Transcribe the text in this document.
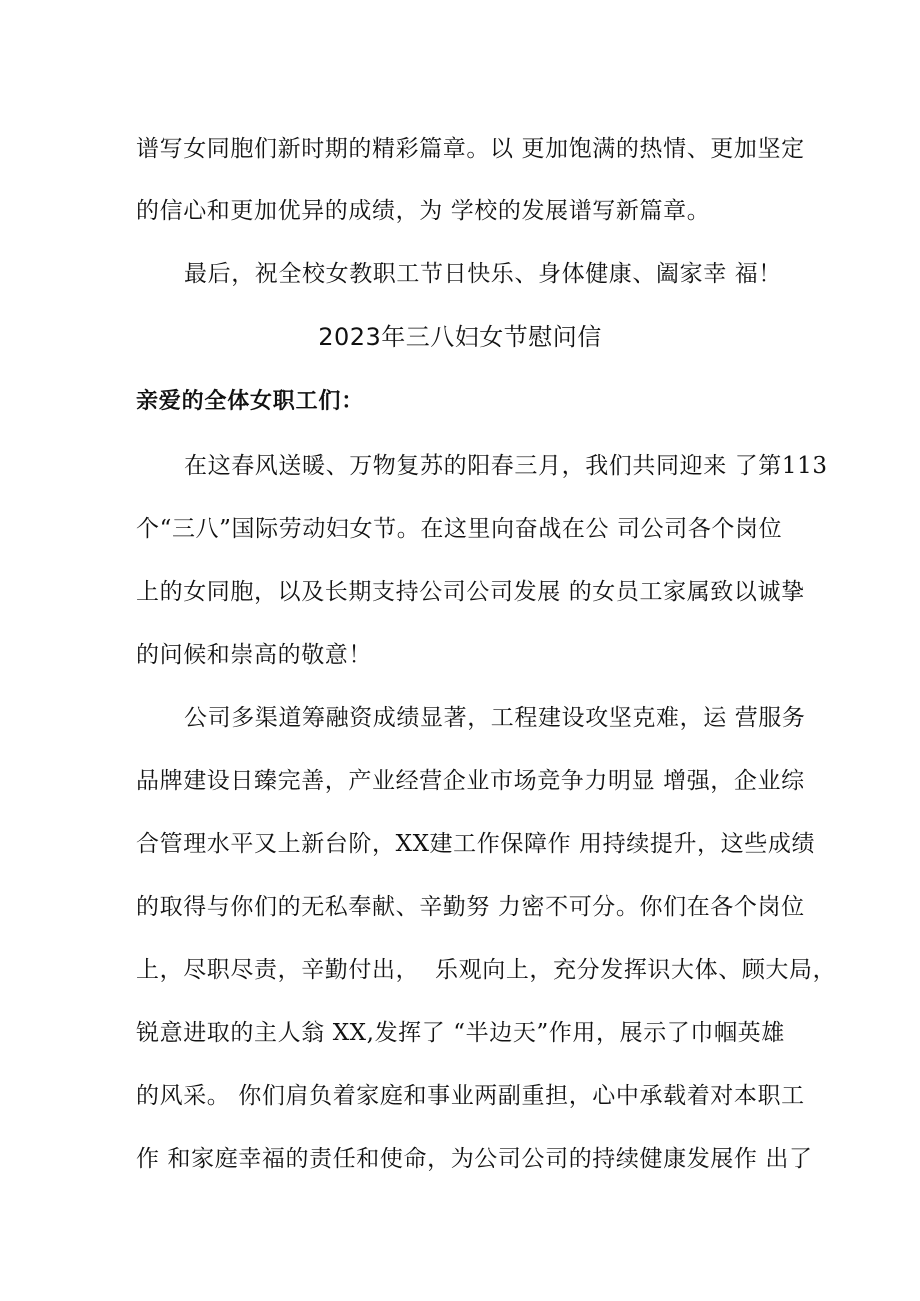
谱写女同胞们新时期的精彩篇章。以 更加饱满的热情、更加坚定
的信心和更加优异的成绩，为 学校的发展谱写新篇章。
最后，祝全校女教职工节日快乐、身体健康、阖家幸 福！
2023年三八妇女节慰问信
亲爱的全体女职工们：
在这春风送暖、万物复苏的阳春三月，我们共同迎来 了第113
个“三八”国际劳动妇女节。在这里向奋战在公 司公司各个岗位
上的女同胞，以及长期支持公司公司发展 的女员工家属致以诚挚
的问候和崇高的敬意！
公司多渠道筹融资成绩显著，工程建设攻坚克难，运 营服务
品牌建设日臻完善，产业经营企业市场竞争力明显 增强，企业综
合管理水平又上新台阶，XX建工作保障作 用持续提升，这些成绩
的取得与你们的无私奉献、辛勤努 力密不可分。你们在各个岗位
上，尽职尽责，辛勤付出，  乐观向上，充分发挥识大体、顾大局，
锐意进取的主人翁 XX,发挥了 “半边天”作用，展示了巾帼英雄
的风采。 你们肩负着家庭和事业两副重担，心中承载着对本职工
作 和家庭幸福的责任和使命，为公司公司的持续健康发展作 出了
